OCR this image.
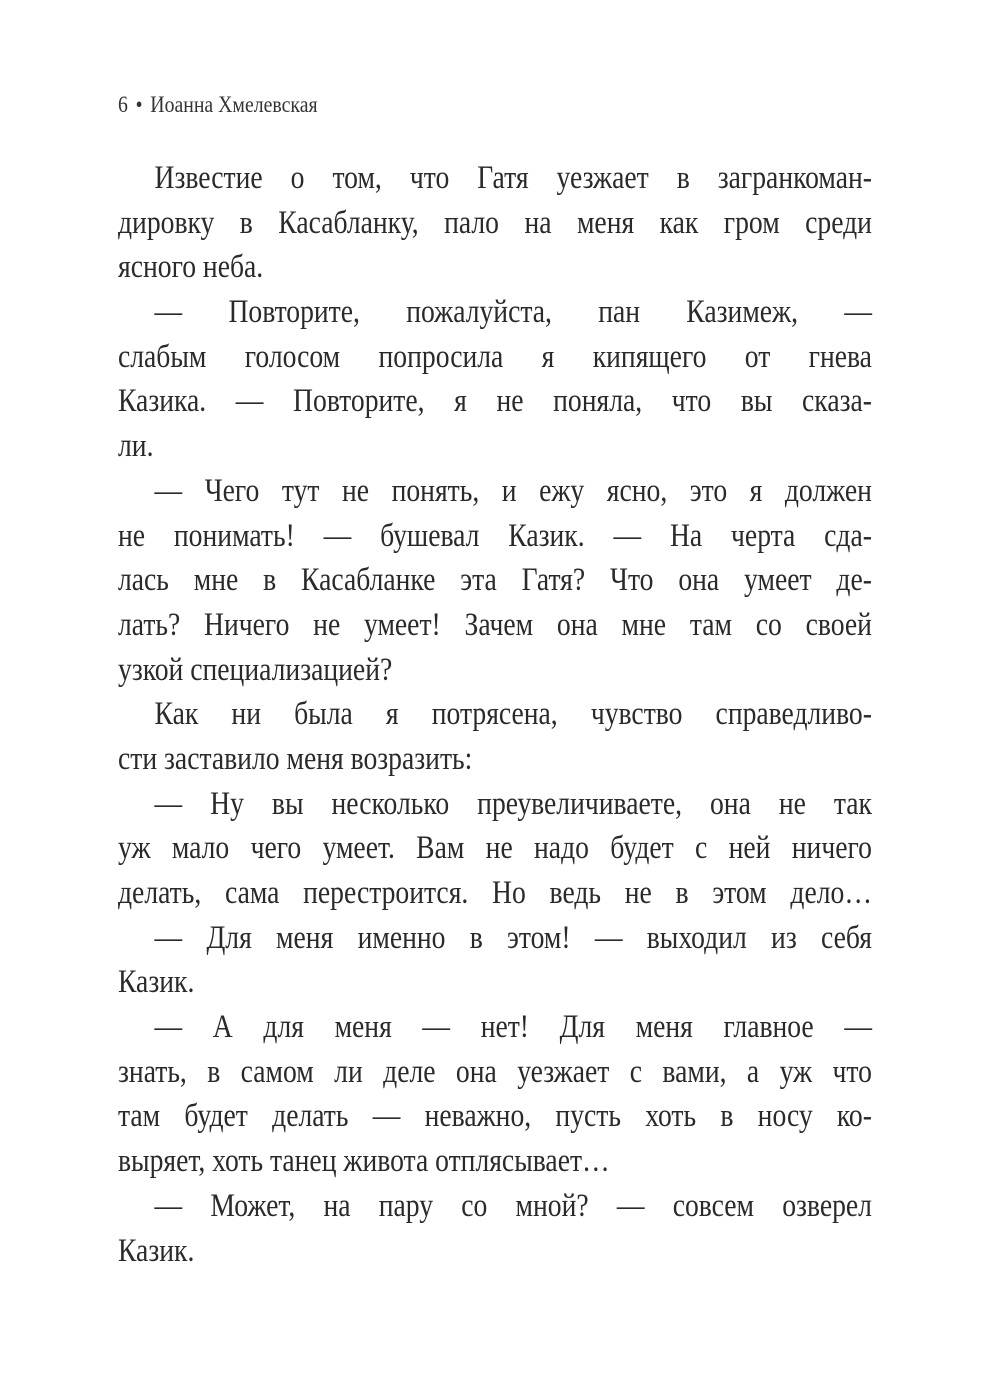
6 • Иоанна Хмелевская
Известие о том, что Гатя уезжает в загранкоман-
дировку в Касабланку, пало на меня как гром среди
ясного неба.
— Повторите, пожалуйста, пан Казимеж, —
слабым голосом попросила я кипящего от гнева
Казика. — Повторите, я не поняла, что вы сказа-
ли.
— Чего тут не понять, и ежу ясно, это я должен
не понимать! — бушевал Казик. — На черта сда-
лась мне в Касабланке эта Гатя? Что она умеет де-
лать? Ничего не умеет! Зачем она мне там со своей
узкой специализацией?
Как ни была я потрясена, чувство справедливо-
сти заставило меня возразить:
— Ну вы несколько преувеличиваете, она не так
уж мало чего умеет. Вам не надо будет с ней ничего
делать, сама перестроится. Но ведь не в этом дело…
— Для меня именно в этом! — выходил из себя
Казик.
— А для меня — нет! Для меня главное —
знать, в самом ли деле она уезжает с вами, а уж что
там будет делать — неважно, пусть хоть в носу ко-
выряет, хоть танец живота отплясывает…
— Может, на пару со мной? — совсем озверел
Казик.
